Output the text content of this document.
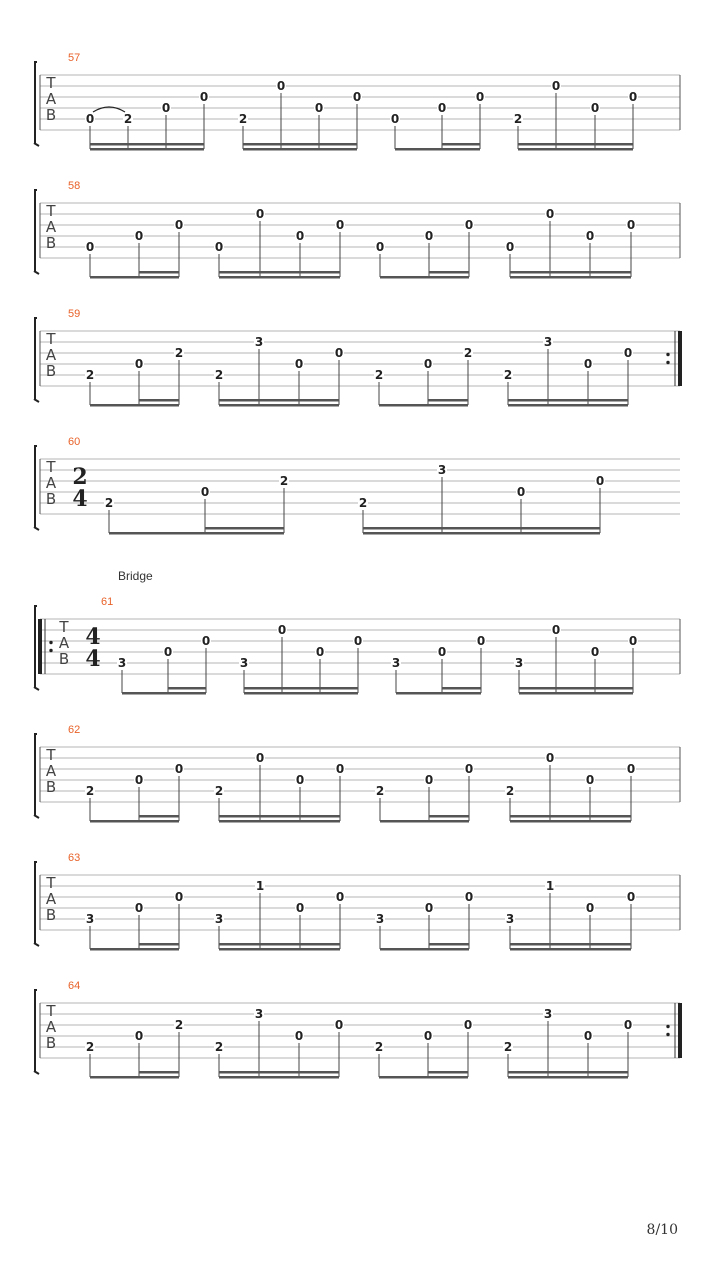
57
T
A
B 0 2
0
0
2
0
0
0
0
0
0
2
0
0
0
58
T
A
B 0
0
0
0
0
0
0
0
0
0
0
0
0
0
59
T
A
B 2
0
2
2
3
0
0
2
0
2
2
3
0
0
60
T
A
B
2
4 2
0
2
2
3
0
0
61
T
A
B
4
4 3
0
0
3
0
0
0
3
0
0
3
0
0
0
62
T
A
B 2
0
0
2
0
0
0
2
0
0
2
0
0
0
63
T
A
B 3
0
0
3
1
0
0
3
0
0
3
1
0
0
64
T
A
B 2
0
2
2
3
0
0
2
0
0
2
3
0
0
Bridge
8/10
